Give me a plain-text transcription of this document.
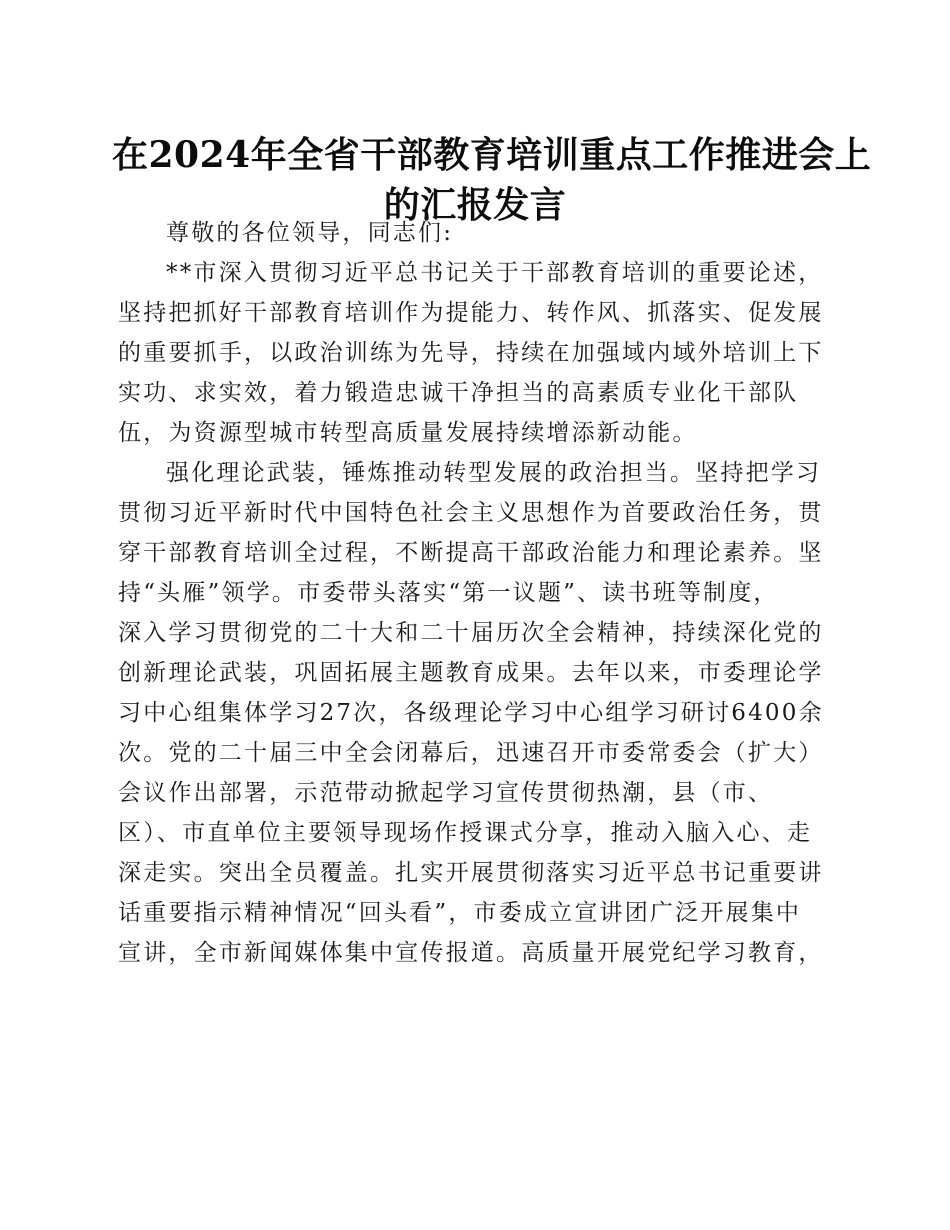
在2024年全省干部教育培训重点工作推进会上
的汇报发言
尊敬的各位领导，同志们:
**市深入贯彻习近平总书记关于干部教育培训的重要论述，
坚持把抓好干部教育培训作为提能力、转作风、抓落实、促发展
的重要抓手，以政治训练为先导，持续在加强域内域外培训上下
实功、求实效，着力锻造忠诚干净担当的高素质专业化干部队
伍，为资源型城市转型高质量发展持续增添新动能。
强化理论武装，锤炼推动转型发展的政治担当。坚持把学习
贯彻习近平新时代中国特色社会主义思想作为首要政治任务，贯
穿干部教育培训全过程，不断提高干部政治能力和理论素养。坚
持“头雁”领学。市委带头落实“第一议题”、读书班等制度，
深入学习贯彻党的二十大和二十届历次全会精神，持续深化党的
创新理论武装，巩固拓展主题教育成果。去年以来，市委理论学
习中心组集体学习27次，各级理论学习中心组学习研讨6400余
次。党的二十届三中全会闭幕后，迅速召开市委常委会（扩大）
会议作出部署，示范带动掀起学习宣传贯彻热潮，县（市、
区）、市直单位主要领导现场作授课式分享，推动入脑入心、走
深走实。突出全员覆盖。扎实开展贯彻落实习近平总书记重要讲
话重要指示精神情况“回头看”，市委成立宣讲团广泛开展集中
宣讲，全市新闻媒体集中宣传报道。高质量开展党纪学习教育，
